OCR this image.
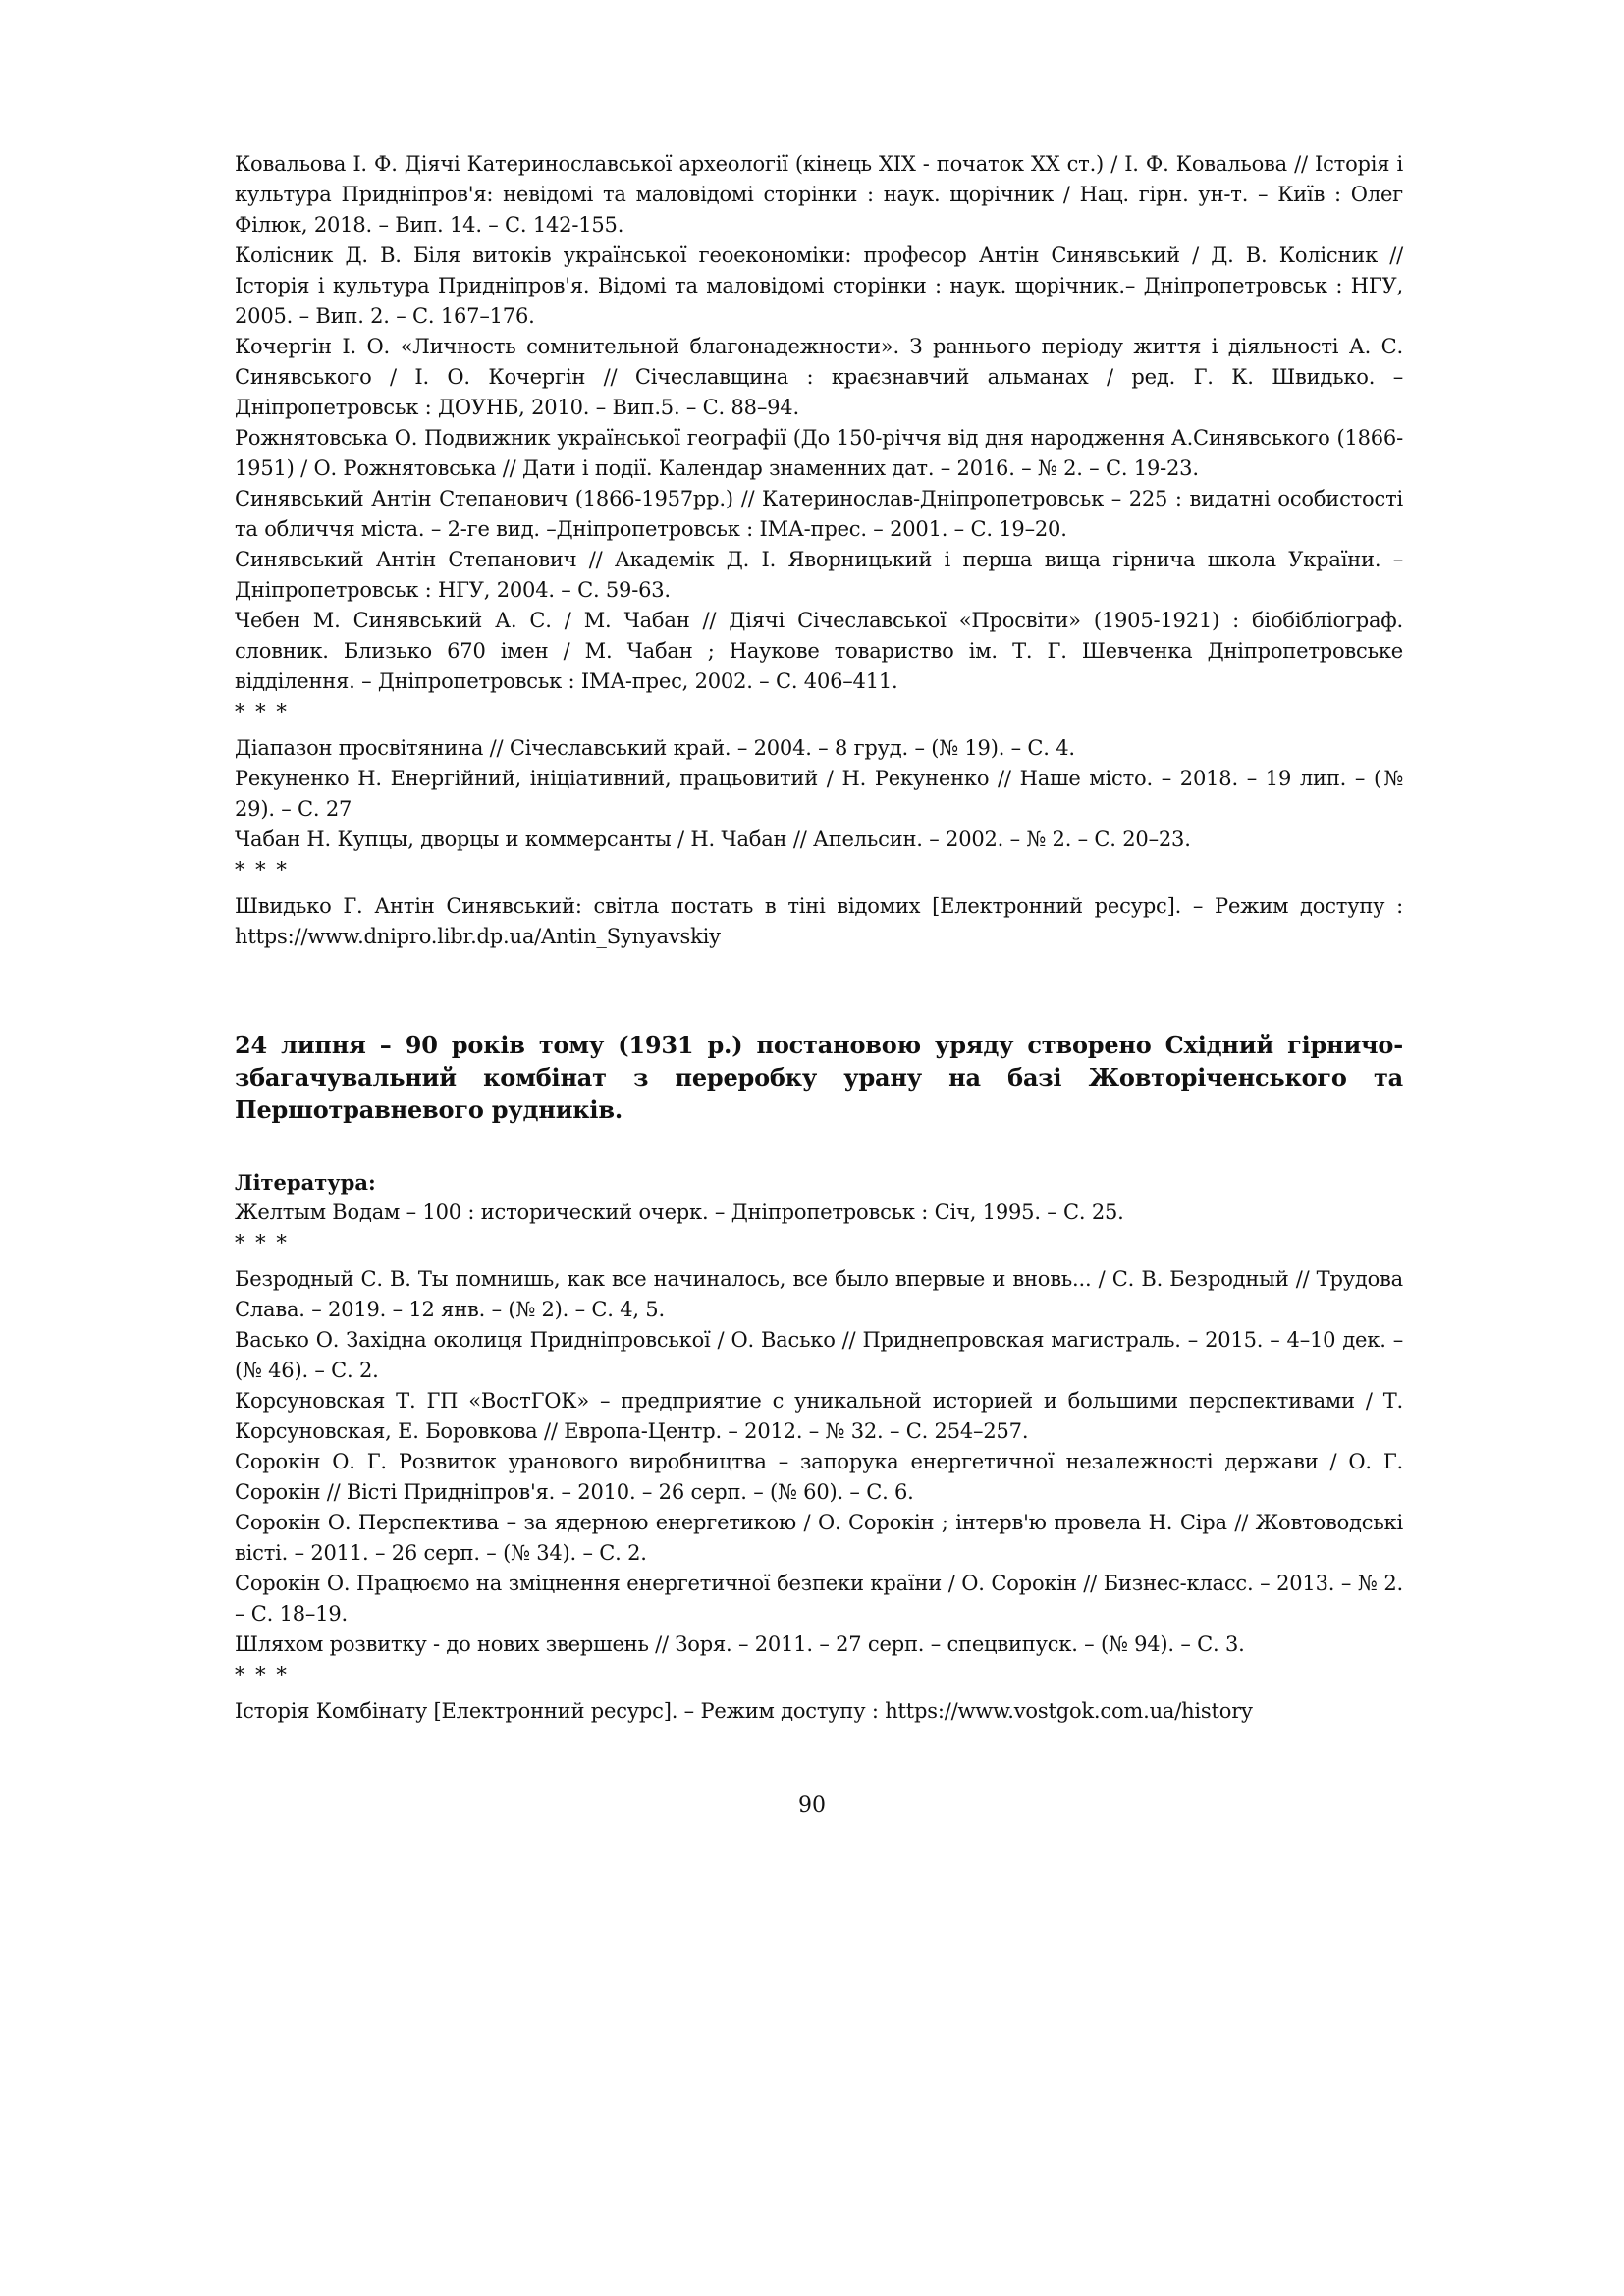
Ковальова І. Ф. Діячі Катеринославської археології (кінець ХІХ - початок ХХ ст.) / І. Ф. Ковальова // Історія і культура Придніпров'я: невідомі та маловідомі сторінки : наук. щорічник / Нац. гірн. ун-т. – Київ : Олег Філюк, 2018. – Вип. 14. – С. 142-155.

Колісник Д. В. Біля витоків української геоекономіки: професор Антін Синявський / Д. В. Колісник // Історія і культура Придніпров'я. Відомі та маловідомі сторінки : наук. щорічник.– Дніпропетровськ : НГУ, 2005. – Вип. 2. – С. 167–176.

Кочергін І. О. «Личность сомнительной благонадежности». З раннього періоду життя і діяльності А. С. Синявського / І. О. Кочергін // Січеславщина : краєзнавчий альманах / ред. Г. К. Швидько. – Дніпропетровськ : ДОУНБ, 2010. – Вип.5. – С. 88–94.

Рожнятовська О. Подвижник української географії (До 150-річчя від дня народження А.Синявського (1866-1951) / О. Рожнятовська // Дати і події. Календар знаменних дат. – 2016. – № 2. – С. 19-23.

Синявський Антін Степанович (1866-1957рр.) // Катеринослав-Дніпропетровськ – 225 : видатні особистості та обличчя міста. – 2-ге вид. –Дніпропетровськ : ІМА-прес. – 2001. – С. 19–20.

Синявський Антін Степанович // Академік Д. І. Яворницький і перша вища гірнича школа України. – Дніпропетровськ : НГУ, 2004. – С. 59-63.

Чебен М. Синявський А. С. / М. Чабан // Діячі Січеславської «Просвіти» (1905-1921) : біобібліограф. словник. Близько 670 імен / М. Чабан ; Наукове товариство ім. Т. Г. Шевченка Дніпропетровське відділення. – Дніпропетровськ : ІМА-прес, 2002. – С. 406–411.

* * *

Діапазон просвітянина // Січеславський край. – 2004. – 8 груд. – (№ 19). – С. 4.

Рекуненко Н. Енергійний, ініціативний, працьовитий / Н. Рекуненко // Наше місто. – 2018. – 19 лип. – (№ 29). – С. 27

Чабан Н. Купцы, дворцы и коммерсанты / Н. Чабан // Апельсин. – 2002. – № 2. – С. 20–23.

* * *

Швидько Г. Антін Синявський: світла постать в тіні відомих [Електронний ресурс]. – Режим доступу : https://www.dnipro.libr.dp.ua/Antin_Synyavskiy

24 липня – 90 років тому (1931 р.) постановою уряду створено Східний гірничо-збагачувальний комбінат з переробку урану на базі Жовторіченського та Першотравневого рудників.

Література:

Желтым Водам – 100 : исторический очерк. – Дніпропетровськ : Січ, 1995. – С. 25.

* * *

Безродный С. В. Ты помнишь, как все начиналось, все было впервые и вновь... / С. В. Безродный // Трудова Слава. – 2019. – 12 янв. – (№ 2). – С. 4, 5.

Васько О. Західна околиця Придніпровської / О. Васько // Приднепровская магистраль. – 2015. – 4–10 дек. – (№ 46). – С. 2.

Корсуновская Т. ГП «ВостГОК» – предприятие с уникальной историей и большими перспективами / Т. Корсуновская, Е. Боровкова // Европа-Центр. – 2012. – № 32. – С. 254–257.

Сорокін О. Г. Розвиток уранового виробництва – запорука енергетичної незалежності держави / О. Г. Сорокін // Вісті Придніпров'я. – 2010. – 26 серп. – (№ 60). – С. 6.

Сорокін О. Перспектива – за ядерною енергетикою / О. Сорокін ; інтерв'ю провела Н. Сіра // Жовтоводські вісті. – 2011. – 26 серп. – (№ 34). – С. 2.

Сорокін О. Працюємо на зміцнення енергетичної безпеки країни / О. Сорокін // Бизнес-класс. – 2013. – № 2. – С. 18–19.

Шляхом розвитку - до нових звершень // Зоря. – 2011. – 27 серп. – спецвипуск. – (№ 94). – С. 3.

* * *

Історія Комбінату [Електронний ресурс]. – Режим доступу : https://www.vostgok.com.ua/history

90
